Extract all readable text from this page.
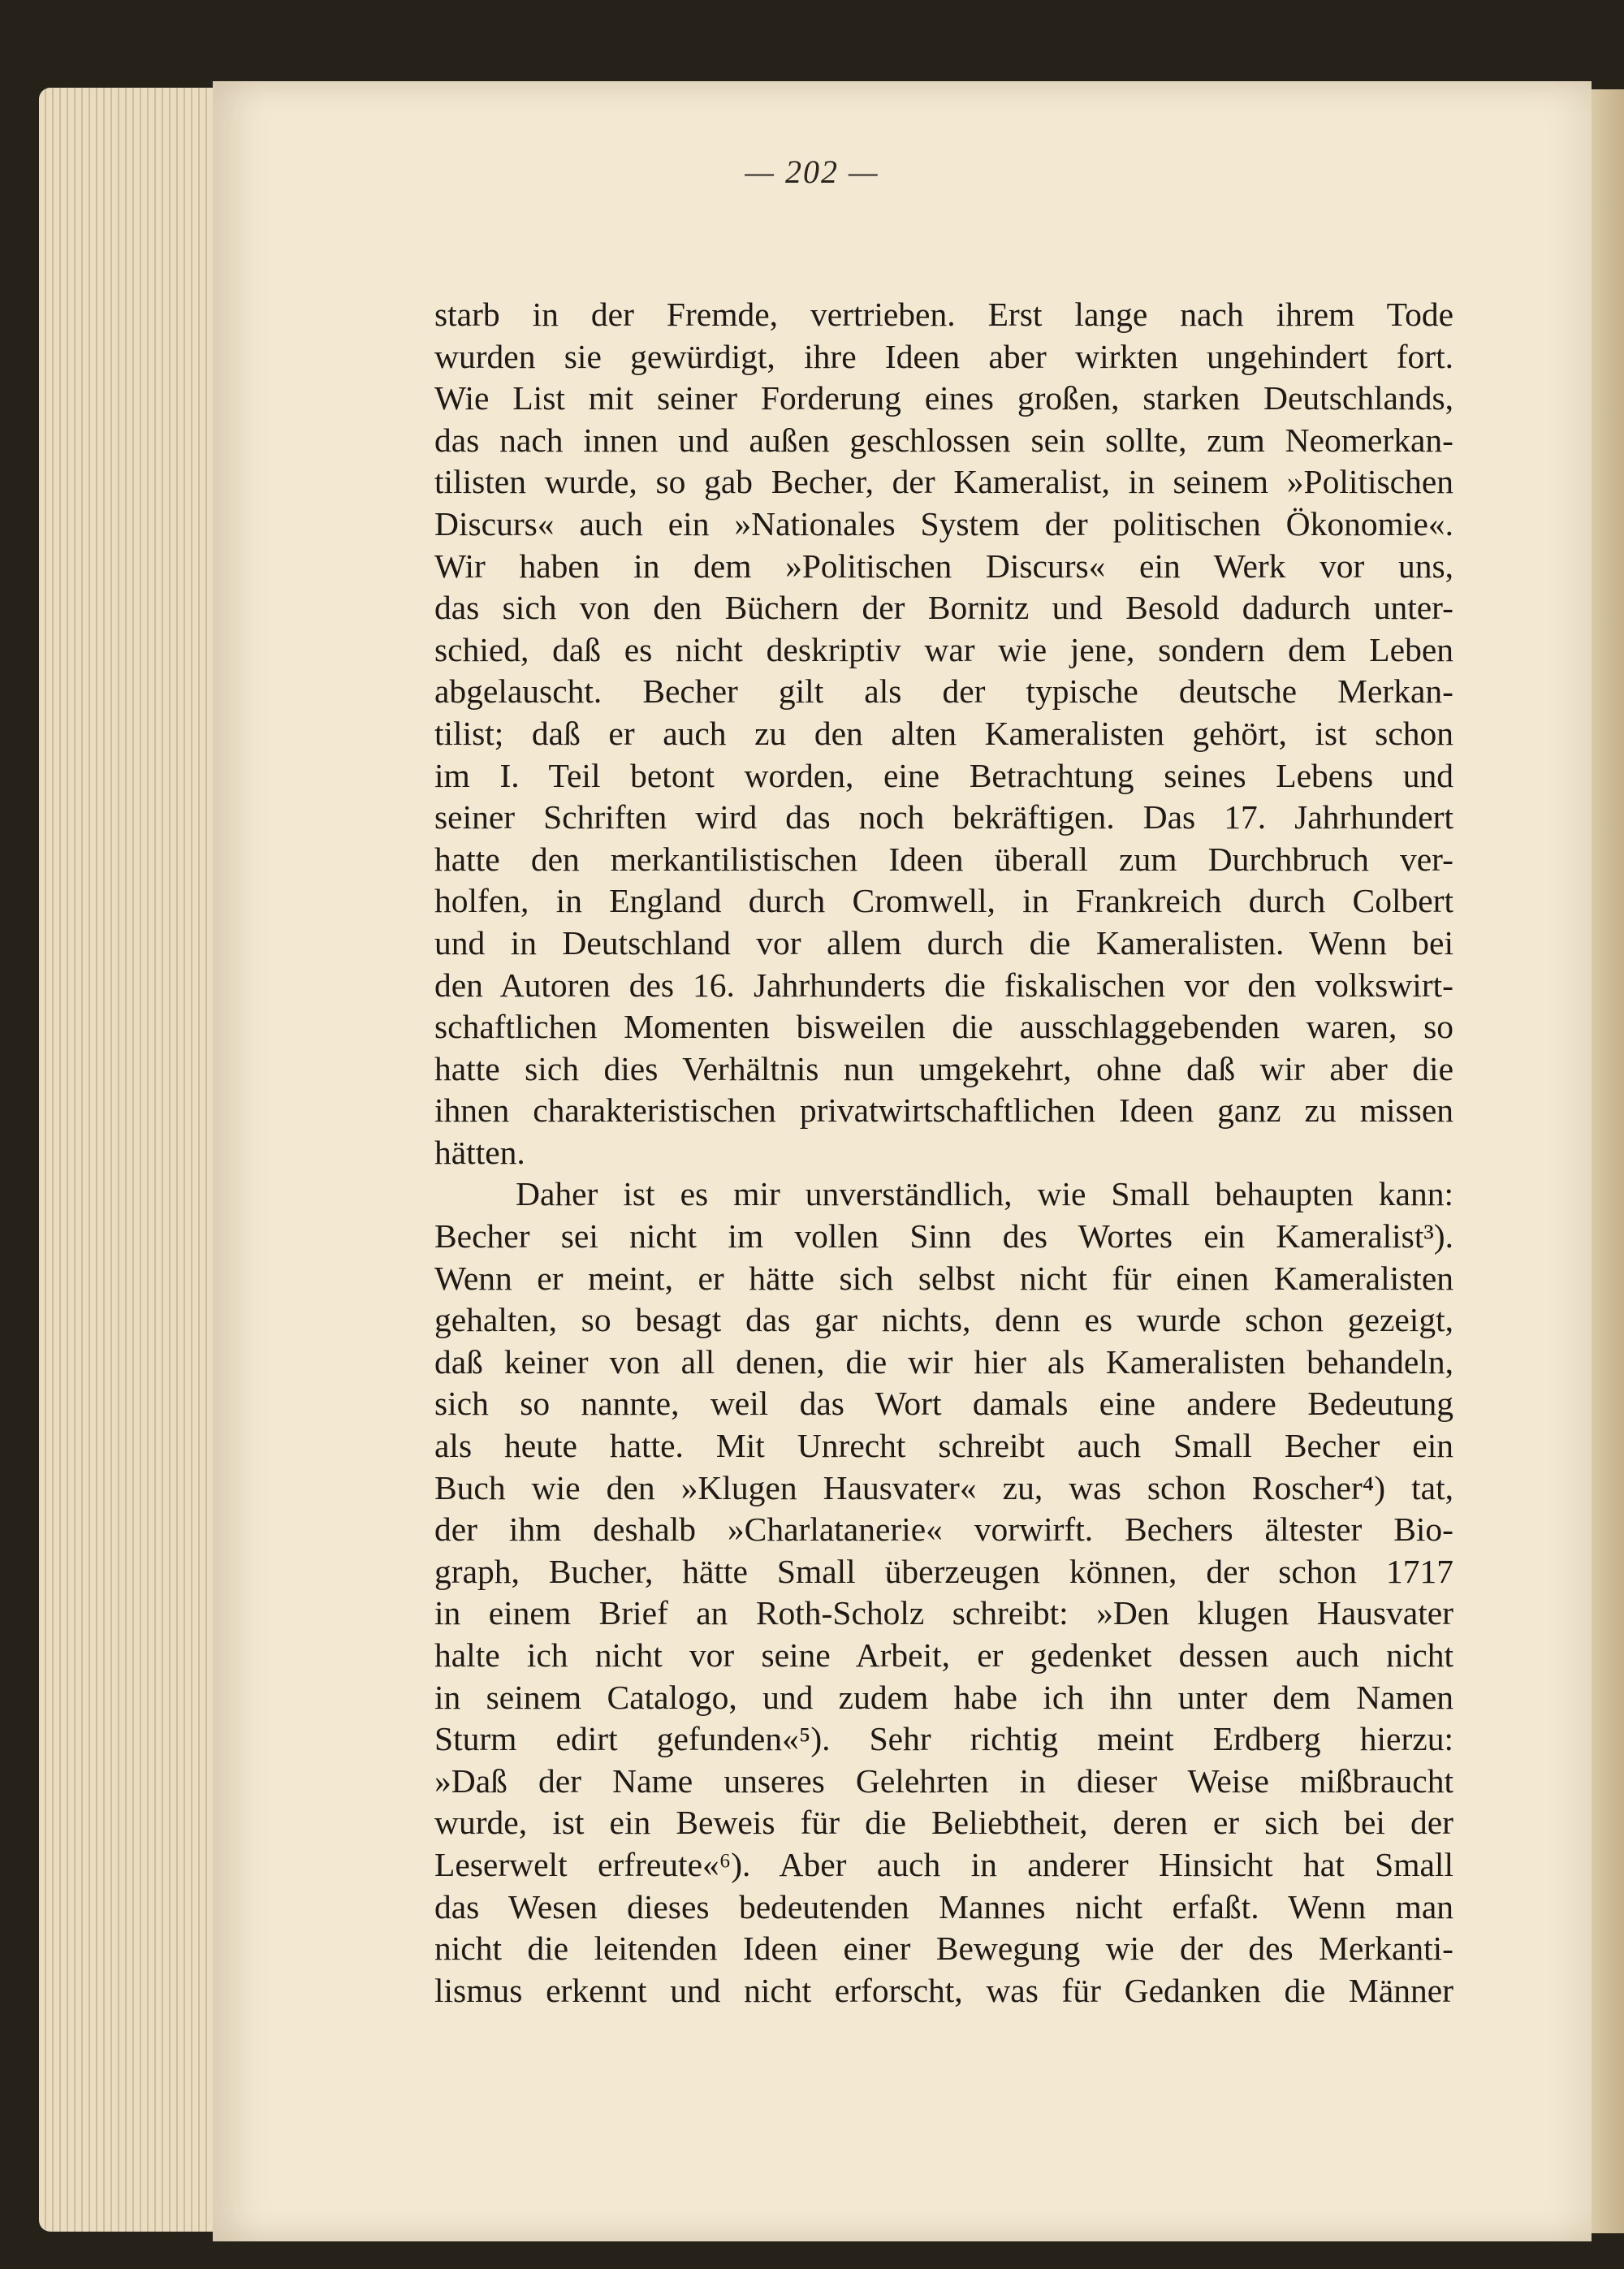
— 202 —
starb in der Fremde, vertrieben. Erst lange nach ihrem Tode
wurden sie gewürdigt, ihre Ideen aber wirkten ungehindert fort.
Wie List mit seiner Forderung eines großen, starken Deutschlands,
das nach innen und außen geschlossen sein sollte, zum Neomerkan-
tilisten wurde, so gab Becher, der Kameralist, in seinem »Politischen
Discurs« auch ein »Nationales System der politischen Ökonomie«.
Wir haben in dem »Politischen Discurs« ein Werk vor uns,
das sich von den Büchern der Bornitz und Besold dadurch unter-
schied, daß es nicht deskriptiv war wie jene, sondern dem Leben
abgelauscht. Becher gilt als der typische deutsche Merkan-
tilist; daß er auch zu den alten Kameralisten gehört, ist schon
im I. Teil betont worden, eine Betrachtung seines Lebens und
seiner Schriften wird das noch bekräftigen. Das 17. Jahrhundert
hatte den merkantilistischen Ideen überall zum Durchbruch ver-
holfen, in England durch Cromwell, in Frankreich durch Colbert
und in Deutschland vor allem durch die Kameralisten. Wenn bei
den Autoren des 16. Jahrhunderts die fiskalischen vor den volkswirt-
schaftlichen Momenten bisweilen die ausschlaggebenden waren, so
hatte sich dies Verhältnis nun umgekehrt, ohne daß wir aber die
ihnen charakteristischen privatwirtschaftlichen Ideen ganz zu missen
hätten.
Daher ist es mir unverständlich, wie Small behaupten kann:
Becher sei nicht im vollen Sinn des Wortes ein Kameralist³).
Wenn er meint, er hätte sich selbst nicht für einen Kameralisten
gehalten, so besagt das gar nichts, denn es wurde schon gezeigt,
daß keiner von all denen, die wir hier als Kameralisten behandeln,
sich so nannte, weil das Wort damals eine andere Bedeutung
als heute hatte. Mit Unrecht schreibt auch Small Becher ein
Buch wie den »Klugen Hausvater« zu, was schon Roscher⁴) tat,
der ihm deshalb »Charlatanerie« vorwirft. Bechers ältester Bio-
graph, Bucher, hätte Small überzeugen können, der schon 1717
in einem Brief an Roth-Scholz schreibt: »Den klugen Hausvater
halte ich nicht vor seine Arbeit, er gedenket dessen auch nicht
in seinem Catalogo, und zudem habe ich ihn unter dem Namen
Sturm edirt gefunden«⁵). Sehr richtig meint Erdberg hierzu:
»Daß der Name unseres Gelehrten in dieser Weise mißbraucht
wurde, ist ein Beweis für die Beliebtheit, deren er sich bei der
Leserwelt erfreute«⁶). Aber auch in anderer Hinsicht hat Small
das Wesen dieses bedeutenden Mannes nicht erfaßt. Wenn man
nicht die leitenden Ideen einer Bewegung wie der des Merkanti-
lismus erkennt und nicht erforscht, was für Gedanken die Männer
